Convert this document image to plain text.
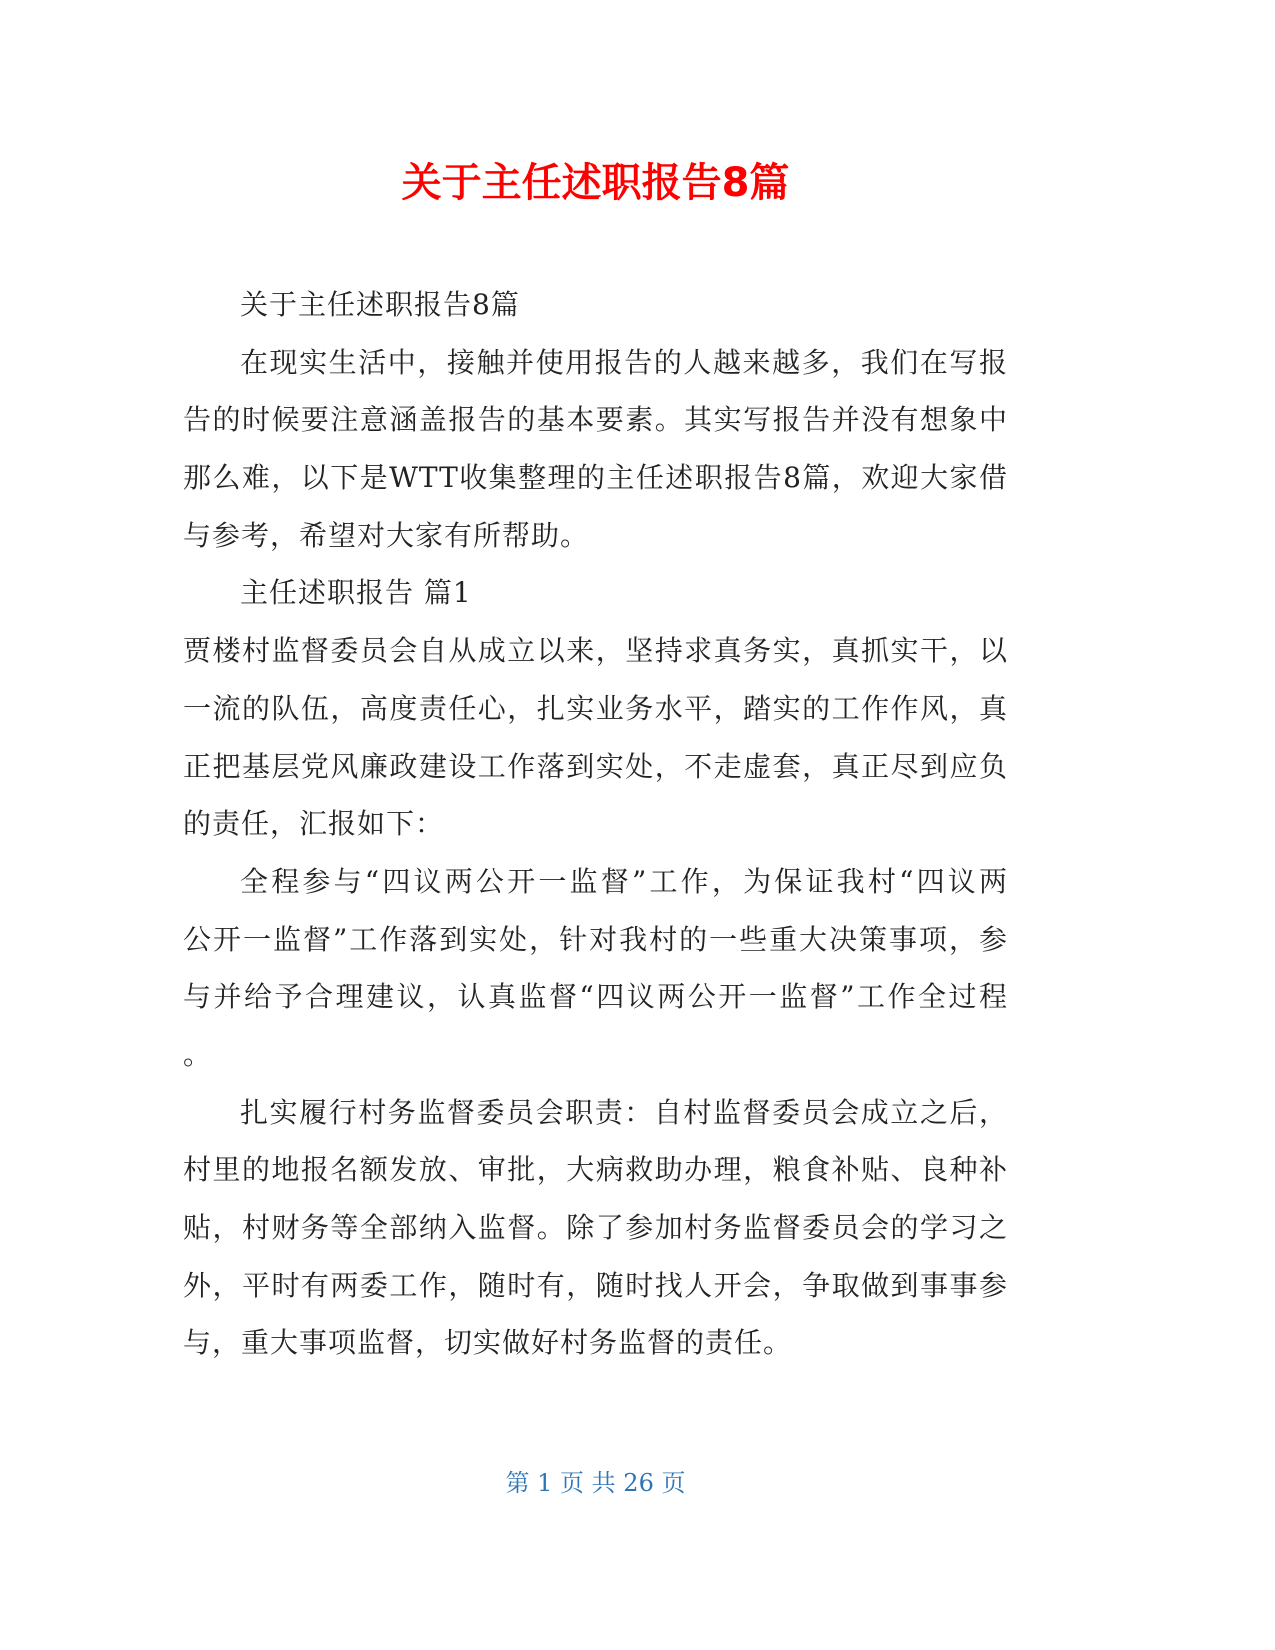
关于主任述职报告8篇
关于主任述职报告8篇
在现实生活中，接触并使用报告的人越来越多，我们在写报
告的时候要注意涵盖报告的基本要素。其实写报告并没有想象中
那么难，以下是WTT收集整理的主任述职报告8篇，欢迎大家借
与参考，希望对大家有所帮助。
主任述职报告 篇1
贾楼村监督委员会自从成立以来，坚持求真务实，真抓实干，以
一流的队伍，高度责任心，扎实业务水平，踏实的工作作风，真
正把基层党风廉政建设工作落到实处，不走虚套，真正尽到应负
的责任，汇报如下：
全程参与“四议两公开一监督”工作，为保证我村“四议两
公开一监督”工作落到实处，针对我村的一些重大决策事项，参
与并给予合理建议，认真监督“四议两公开一监督”工作全过程
。
扎实履行村务监督委员会职责：自村监督委员会成立之后，
村里的地报名额发放、审批，大病救助办理，粮食补贴、良种补
贴，村财务等全部纳入监督。除了参加村务监督委员会的学习之
外，平时有两委工作，随时有，随时找人开会，争取做到事事参
与，重大事项监督，切实做好村务监督的责任。
第 1 页 共 26 页
